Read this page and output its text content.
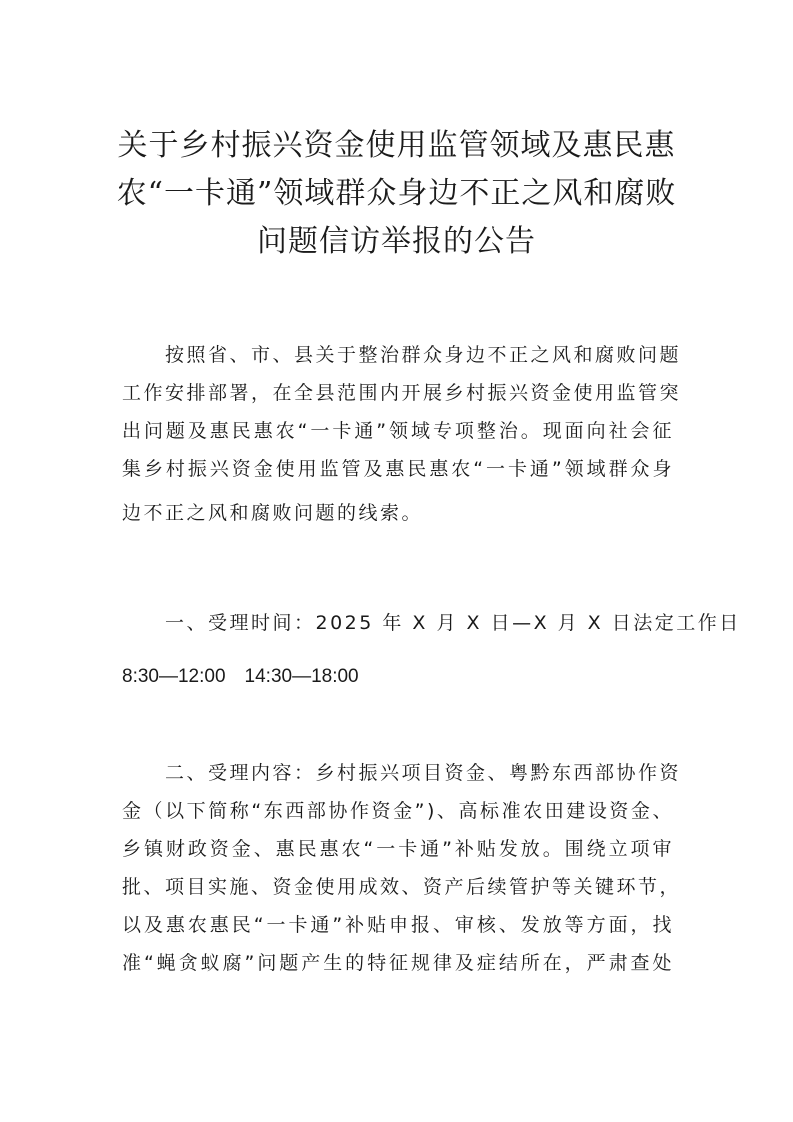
关于乡村振兴资金使用监管领域及惠民惠
农“一卡通”领域群众身边不正之风和腐败
问题信访举报的公告
　　按照省、市、县关于整治群众身边不正之风和腐败问题
工作安排部署，在全县范围内开展乡村振兴资金使用监管突
出问题及惠民惠农“一卡通”领域专项整治。现面向社会征
集乡村振兴资金使用监管及惠民惠农“一卡通”领域群众身
边不正之风和腐败问题的线索。
　　一、受理时间：2025 年 X 月 X 日—X 月 X 日法定工作日
8:30—12:00　14:30—18:00
　　二、受理内容：乡村振兴项目资金、粤黔东西部协作资
金（以下简称“东西部协作资金”)、高标准农田建设资金、
乡镇财政资金、惠民惠农“一卡通”补贴发放。围绕立项审
批、项目实施、资金使用成效、资产后续管护等关键环节，
以及惠农惠民“一卡通”补贴申报、审核、发放等方面，找
准“蝇贪蚁腐”问题产生的特征规律及症结所在，严肃查处
